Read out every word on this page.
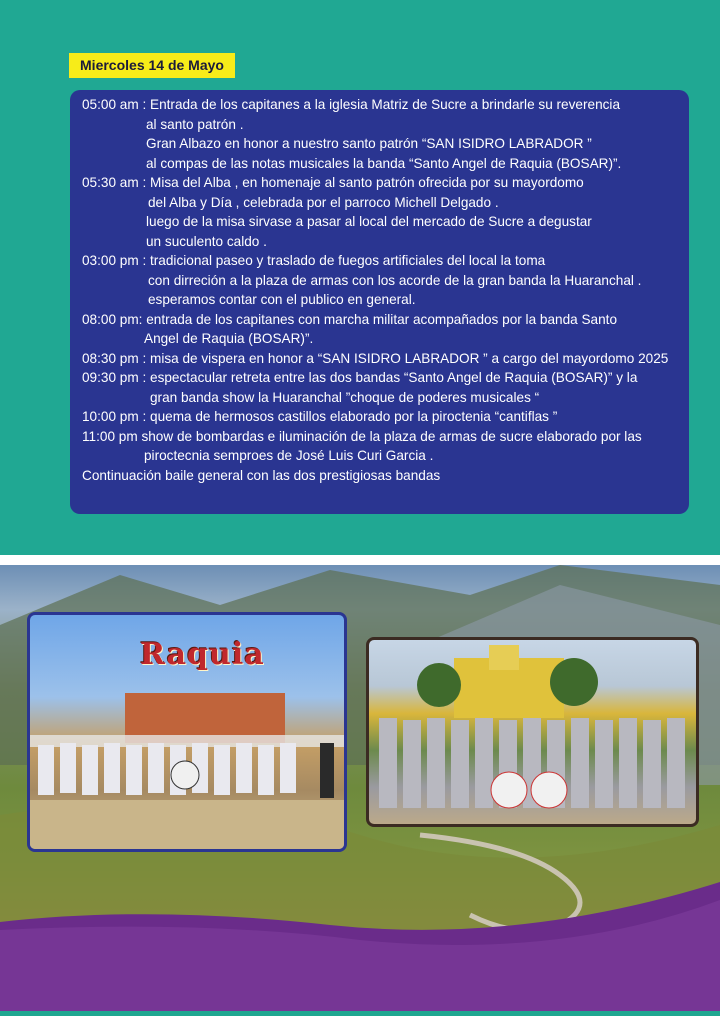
Miercoles 14 de Mayo
05:00 am : Entrada de los capitanes a la iglesia Matriz de Sucre a brindarle su reverencia
al santo patrón .
Gran Albazo en honor a nuestro santo patrón “SAN ISIDRO LABRADOR ”
al compas de las notas musicales la banda “Santo Angel de Raquia (BOSAR)”.
05:30 am : Misa del Alba , en homenaje al santo patrón ofrecida por su mayordomo
del Alba y Día , celebrada por el parroco Michell Delgado .
luego de la misa sirvase a pasar al local del mercado de Sucre a degustar
un suculento caldo .
03:00 pm : tradicional paseo y traslado de fuegos artificiales del local la toma
con dirreción a la plaza de armas con los acorde de la gran banda la Huaranchal .
esperamos contar con el publico en general.
08:00 pm: entrada de los capitanes con marcha militar acompañados por la banda Santo
Angel de Raquia (BOSAR)”.
08:30 pm : misa de vispera en honor a “SAN ISIDRO LABRADOR ” a cargo del mayordomo 2025
09:30 pm : espectacular retreta entre las dos bandas “Santo Angel de Raquia (BOSAR)” y la
gran banda show la Huaranchal ”choque de poderes musicales “
10:00 pm : quema de hermosos castillos elaborado por la piroctenia “cantiflas ”
11:00 pm show de bombardas e iluminación de la plaza de armas de sucre elaborado por las
piroctecnia semproes de José Luis Curi Garcia .
Continuación baile general con las dos prestigiosas bandas
Raquia
